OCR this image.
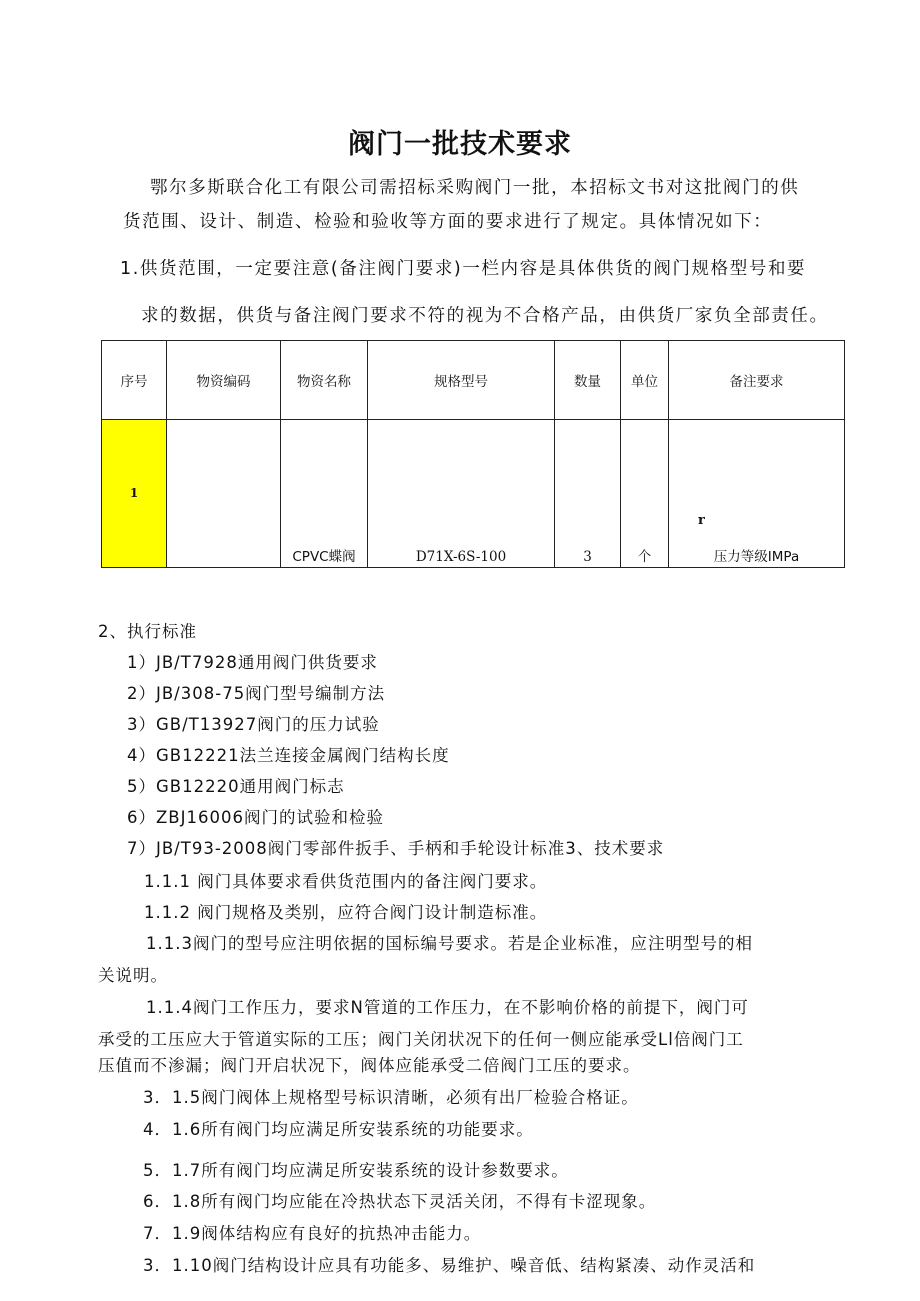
阀门一批技术要求
鄂尔多斯联合化工有限公司需招标采购阀门一批，本招标文书对这批阀门的供
货范围、设计、制造、检验和验收等方面的要求进行了规定。具体情况如下：
1.供货范围，一定要注意(备注阀门要求)一栏内容是具体供货的阀门规格型号和要
求的数据，供货与备注阀门要求不符的视为不合格产品，由供货厂家负全部责任。
序号	物资编码	物资名称	规格型号	数量	单位	备注要求
1		CPVC蝶阀	D71X-6S-100	3	个	压力等级IMPa
r
2、执行标准
1）JB/T7928通用阀门供货要求
2）JB/308-75阀门型号编制方法
3）GB/T13927阀门的压力试验
4）GB12221法兰连接金属阀门结构长度
5）GB12220通用阀门标志
6）ZBJ16006阀门的试验和检验
7）JB/T93-2008阀门零部件扳手、手柄和手轮设计标准3、技术要求
1.1.1 阀门具体要求看供货范围内的备注阀门要求。
1.1.2 阀门规格及类别，应符合阀门设计制造标准。
1.1.3阀门的型号应注明依据的国标编号要求。若是企业标准，应注明型号的相
关说明。
1.1.4阀门工作压力，要求N管道的工作压力，在不影响价格的前提下，阀门可
承受的工压应大于管道实际的工压；阀门关闭状况下的任何一侧应能承受Ll倍阀门工
压值而不渗漏；阀门开启状况下，阀体应能承受二倍阀门工压的要求。
3．1.5阀门阀体上规格型号标识清晰，必须有出厂检验合格证。
4．1.6所有阀门均应满足所安装系统的功能要求。
5．1.7所有阀门均应满足所安装系统的设计参数要求。
6．1.8所有阀门均应能在冷热状态下灵活关闭，不得有卡涩现象。
7．1.9阀体结构应有良好的抗热冲击能力。
3．1.10阀门结构设计应具有功能多、易维护、噪音低、结构紧凑、动作灵活和
